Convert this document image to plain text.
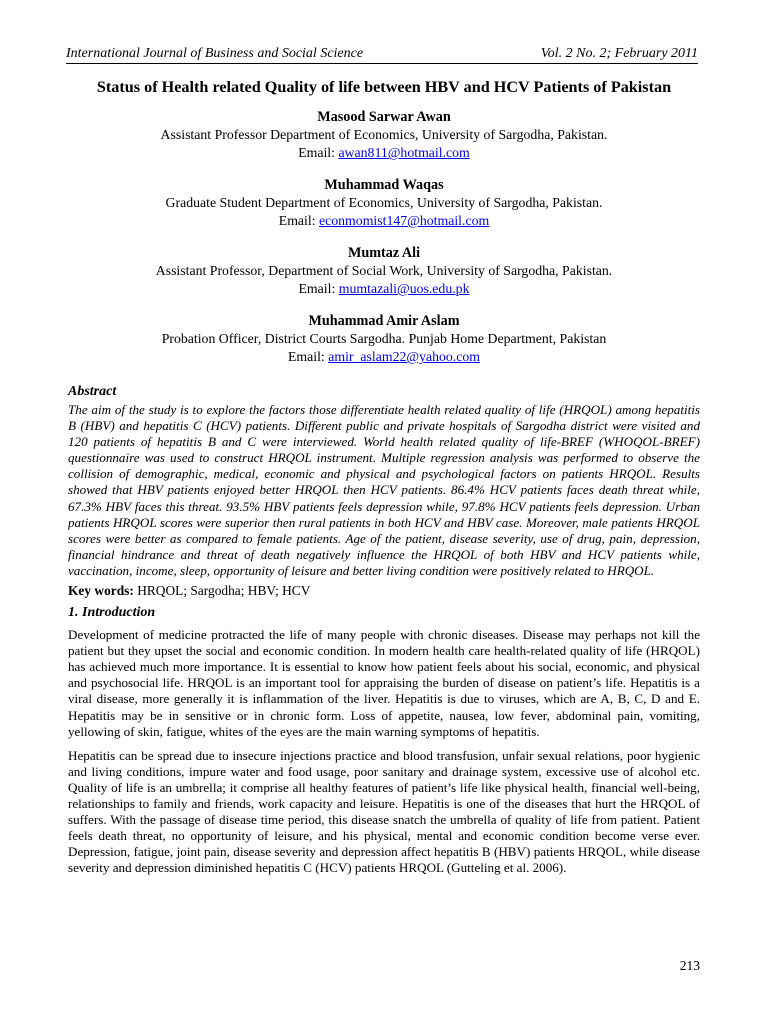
International Journal of Business and Social Science	Vol. 2 No. 2; February 2011
Status of Health related Quality of life between HBV and HCV Patients of Pakistan
Masood Sarwar Awan
Assistant Professor Department of Economics, University of Sargodha, Pakistan.
Email: awan811@hotmail.com
Muhammad Waqas
Graduate Student Department of Economics, University of Sargodha, Pakistan.
Email: econmomist147@hotmail.com
Mumtaz Ali
Assistant Professor, Department of Social Work, University of Sargodha, Pakistan.
Email: mumtazali@uos.edu.pk
Muhammad Amir Aslam
Probation Officer, District Courts Sargodha. Punjab Home Department, Pakistan
Email: amir_aslam22@yahoo.com
Abstract

The aim of the study is to explore the factors those differentiate health related quality of life (HRQOL) among hepatitis B (HBV) and hepatitis C (HCV) patients. Different public and private hospitals of Sargodha district were visited and 120 patients of hepatitis B and C were interviewed. World health related quality of life-BREF (WHOQOL-BREF) questionnaire was used to construct HRQOL instrument. Multiple regression analysis was performed to observe the collision of demographic, medical, economic and physical and psychological factors on patients HRQOL. Results showed that HBV patients enjoyed better HRQOL then HCV patients. 86.4% HCV patients faces death threat while, 67.3% HBV faces this threat. 93.5% HBV patients feels depression while, 97.8% HCV patients feels depression. Urban patients HRQOL scores were superior then rural patients in both HCV and HBV case. Moreover, male patients HRQOL scores were better as compared to female patients. Age of the patient, disease severity, use of drug, pain, depression, financial hindrance and threat of death negatively influence the HRQOL of both HBV and HCV patients while, vaccination, income, sleep, opportunity of leisure and better living condition were positively related to HRQOL.

Key words: HRQOL; Sargodha; HBV; HCV
1. Introduction

Development of medicine protracted the life of many people with chronic diseases. Disease may perhaps not kill the patient but they upset the social and economic condition. In modern health care health-related quality of life (HRQOL) has achieved much more importance. It is essential to know how patient feels about his social, economic, and physical and psychosocial life. HRQOL is an important tool for appraising the burden of disease on patient’s life. Hepatitis is a viral disease, more generally it is inflammation of the liver. Hepatitis is due to viruses, which are A, B, C, D and E. Hepatitis may be in sensitive or in chronic form. Loss of appetite, nausea, low fever, abdominal pain, vomiting, yellowing of skin, fatigue, whites of the eyes are the main warning symptoms of hepatitis.

Hepatitis can be spread due to insecure injections practice and blood transfusion, unfair sexual relations, poor hygienic and living conditions, impure water and food usage, poor sanitary and drainage system, excessive use of alcohol etc. Quality of life is an umbrella; it comprise all healthy features of patient’s life like physical health, financial well-being, relationships to family and friends, work capacity and leisure. Hepatitis is one of the diseases that hurt the HRQOL of suffers. With the passage of disease time period, this disease snatch the umbrella of quality of life from patient. Patient feels death threat, no opportunity of leisure, and his physical, mental and economic condition become verse ever. Depression, fatigue, joint pain, disease severity and depression affect hepatitis B (HBV) patients HRQOL, while disease severity and depression diminished hepatitis C (HCV) patients HRQOL (Gutteling et al. 2006).

213
